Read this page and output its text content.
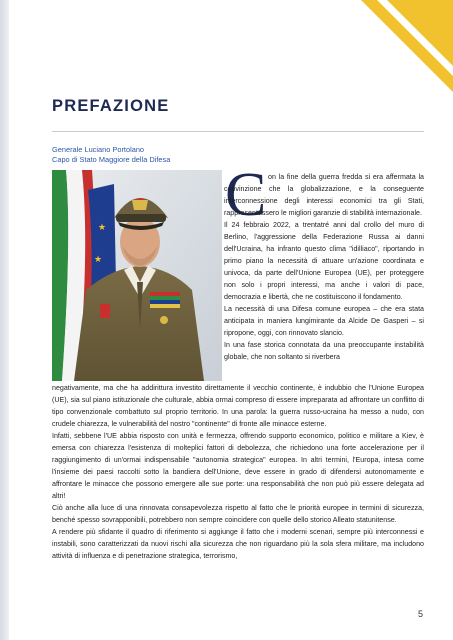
PREFAZIONE
Generale Luciano Portolano
Capo di Stato Maggiore della Difesa
★
★
C on la fine della guerra fredda si era affermata la convinzione che la globalizzazione, e la conseguente interconnessione degli interessi economici tra gli Stati, rappresentassero le migliori garanzie di stabilità internazionale.

Il 24 febbraio 2022, a trentatré anni dal crollo del muro di Berlino, l'aggressione della Federazione Russa ai danni dell'Ucraina, ha infranto questo clima "idilliaco", riportando in primo piano la necessità di attuare un'azione coordinata e univoca, da parte dell'Unione Europea (UE), per proteggere non solo i propri interessi, ma anche i valori di pace, democrazia e libertà, che ne costituiscono il fondamento.

La necessità di una Difesa comune europea – che era stata anticipata in maniera lungimirante da Alcide De Gasperi – si ripropone, oggi, con rinnovato slancio.

In una fase storica connotata da una preoccupante instabilità globale, che non soltanto si riverbera

negativamente, ma che ha addirittura investito direttamente il vecchio continente, è indubbio che l'Unione Europea (UE), sia sul piano istituzionale che culturale, abbia ormai compreso di essere impreparata ad affrontare un conflitto di tipo convenzionale combattuto sul proprio territorio. In una parola: la guerra russo-ucraina ha messo a nudo, con crudele chiarezza, le vulnerabilità del nostro "continente" di fronte alle minacce esterne.

Infatti, sebbene l'UE abbia risposto con unità e fermezza, offrendo supporto economico, politico e militare a Kiev, è emersa con chiarezza l'esistenza di molteplici fattori di debolezza, che richiedono una forte accelerazione per il raggiungimento di un'ormai indispensabile "autonomia strategica" europea. In altri termini, l'Europa, intesa come l'insieme dei paesi raccolti sotto la bandiera dell'Unione, deve essere in grado di difendersi autonomamente e affrontare le minacce che possono emergere alle sue porte: una responsabilità che non può più essere delegata ad altri!

Ciò anche alla luce di una rinnovata consapevolezza rispetto al fatto che le priorità europee in termini di sicurezza, benché spesso sovrapponibili, potrebbero non sempre coincidere con quelle dello storico Alleato statunitense.

A rendere più sfidante il quadro di riferimento si aggiunge il fatto che i moderni scenari, sempre più interconnessi e instabili, sono caratterizzati da nuovi rischi alla sicurezza che non riguardano più la sola sfera militare, ma includono attività di influenza e di penetrazione strategica, terrorismo,

5
